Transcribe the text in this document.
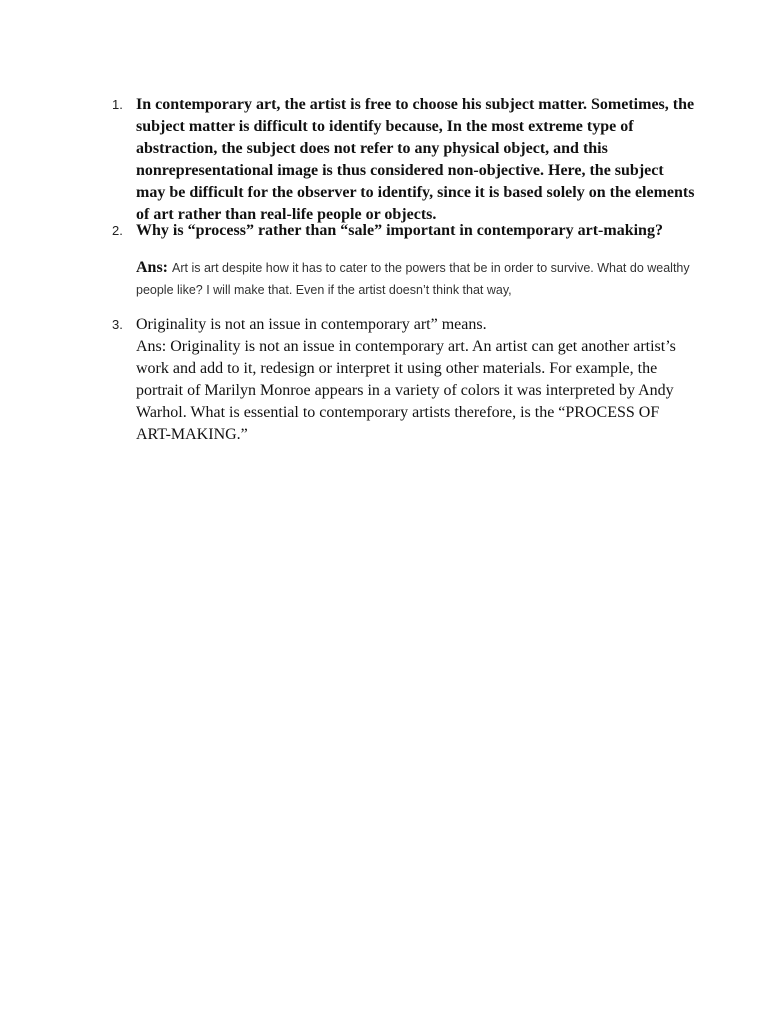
1. In contemporary art, the artist is free to choose his subject matter. Sometimes, the subject matter is difficult to identify because, In the most extreme type of abstraction, the subject does not refer to any physical object, and this nonrepresentational image is thus considered non-objective. Here, the subject may be difficult for the observer to identify, since it is based solely on the elements of art rather than real-life people or objects.
2. Why is “process” rather than “sale” important in contemporary art-making?
Ans: Art is art despite how it has to cater to the powers that be in order to survive. What do wealthy people like? I will make that. Even if the artist doesn’t think that way,
3. Originality is not an issue in contemporary art” means.
Ans: Originality is not an issue in contemporary art. An artist can get another artist’s work and add to it, redesign or interpret it using other materials. For example, the portrait of Marilyn Monroe appears in a variety of colors it was interpreted by Andy Warhol. What is essential to contemporary artists therefore, is the “PROCESS OF ART-MAKING.”
